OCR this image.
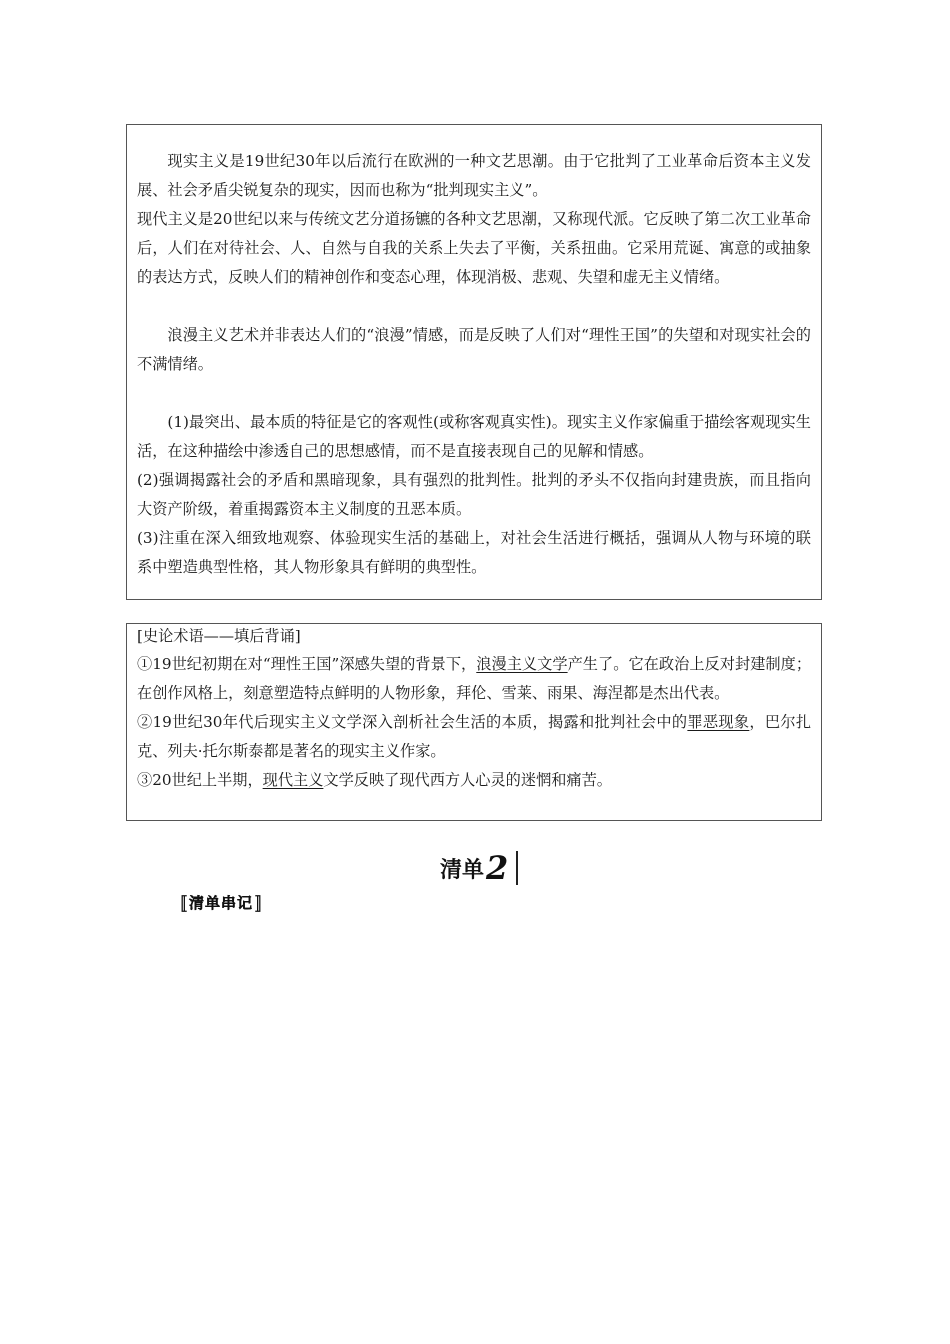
现实主义是19世纪30年以后流行在欧洲的一种文艺思潮。由于它批判了工业革命后资本主义发展、社会矛盾尖锐复杂的现实，因而也称为“批判现实主义”。

现代主义是20世纪以来与传统文艺分道扬镳的各种文艺思潮，又称现代派。它反映了第二次工业革命后，人们在对待社会、人、自然与自我的关系上失去了平衡，关系扭曲。它采用荒诞、寓意的或抽象的表达方式，反映人们的精神创作和变态心理，体现消极、悲观、失望和虚无主义情绪。

浪漫主义艺术并非表达人们的“浪漫”情感，而是反映了人们对“理性王国”的失望和对现实社会的不满情绪。

(1)最突出、最本质的特征是它的客观性(或称客观真实性)。现实主义作家偏重于描绘客观现实生活，在这种描绘中渗透自己的思想感情，而不是直接表现自己的见解和情感。

(2)强调揭露社会的矛盾和黑暗现象，具有强烈的批判性。批判的矛头不仅指向封建贵族，而且指向大资产阶级，着重揭露资本主义制度的丑恶本质。

(3)注重在深入细致地观察、体验现实生活的基础上，对社会生活进行概括，强调从人物与环境的联系中塑造典型性格，其人物形象具有鲜明的典型性。

[史论术语——填后背诵]

①19世纪初期在对“理性王国”深感失望的背景下，浪漫主义文学产生了。它在政治上反对封建制度；在创作风格上，刻意塑造特点鲜明的人物形象，拜伦、雪莱、雨果、海涅都是杰出代表。

②19世纪30年代后现实主义文学深入剖析社会生活的本质，揭露和批判社会中的罪恶现象，巴尔扎克、列夫·托尔斯泰都是著名的现实主义作家。

③20世纪上半期，现代主义文学反映了现代西方人心灵的迷惘和痛苦。

清单 2
〚 清单串记 〛
